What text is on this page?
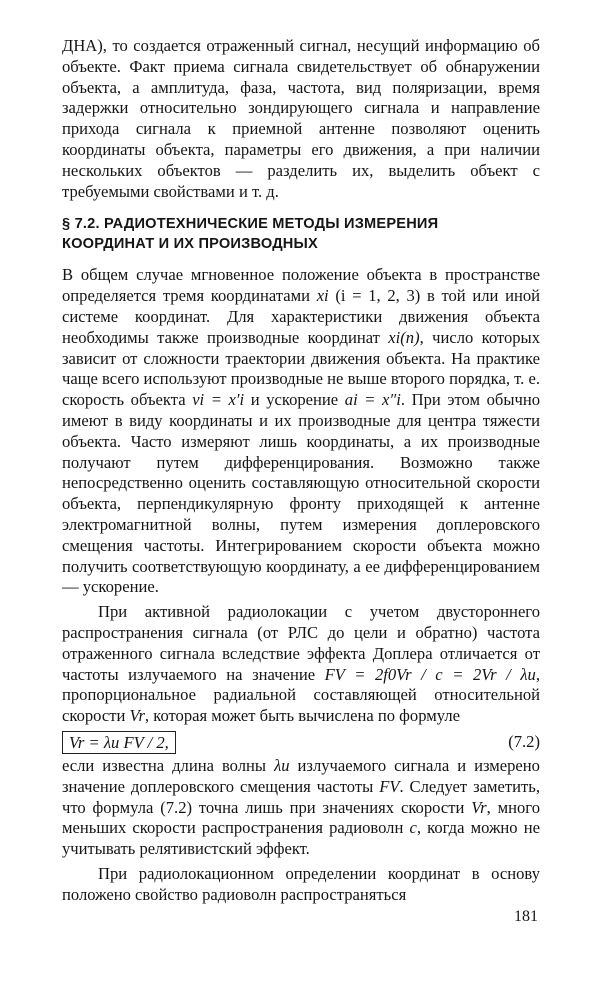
ДНА), то создается отраженный сигнал, несущий информацию об объекте. Факт приема сигнала свидетельствует об обнаружении объекта, а амплитуда, фаза, частота, вид поляризации, время задержки относительно зондирующего сигнала и направление прихода сигнала к приемной антенне позволяют оценить координаты объекта, параметры его движения, а при наличии нескольких объектов — разделить их, выделить объект с требуемыми свойствами и т. д.

§ 7.2. РАДИОТЕХНИЧЕСКИЕ МЕТОДЫ ИЗМЕРЕНИЯ
КООРДИНАТ И ИХ ПРОИЗВОДНЫХ

В общем случае мгновенное положение объекта в пространстве определяется тремя координатами xi (i = 1, 2, 3) в той или иной системе координат. Для характеристики движения объекта необходимы также производные координат xi(n), число которых зависит от сложности траектории движения объекта. На практике чаще всего используют производные не выше второго порядка, т. е. скорость объекта vi = x′i и ускорение ai = x″i. При этом обычно имеют в виду координаты и их производные для центра тяжести объекта. Часто измеряют лишь координаты, а их производные получают путем дифференцирования. Возможно также непосредственно оценить составляющую относительной скорости объекта, перпендикулярную фронту приходящей к антенне электромагнитной волны, путем измерения доплеровского смещения частоты. Интегрированием скорости объекта можно получить соответствующую координату, а ее дифференцированием — ускорение.

При активной радиолокации с учетом двустороннего распространения сигнала (от РЛС до цели и обратно) частота отраженного сигнала вследствие эффекта Доплера отличается от частоты излучаемого на значение FV = 2f0Vr / c = 2Vr / λи, пропорциональное радиальной составляющей относительной скорости Vr, которая может быть вычислена по формуле

Vr = λи FV / 2,	(7.2)

если известна длина волны λи излучаемого сигнала и измерено значение доплеровского смещения частоты FV. Следует заметить, что формула (7.2) точна лишь при значениях скорости Vr, много меньших скорости распространения радиоволн c, когда можно не учитывать релятивистский эффект.

При радиолокационном определении координат в основу положено свойство радиоволн распространяться

181
